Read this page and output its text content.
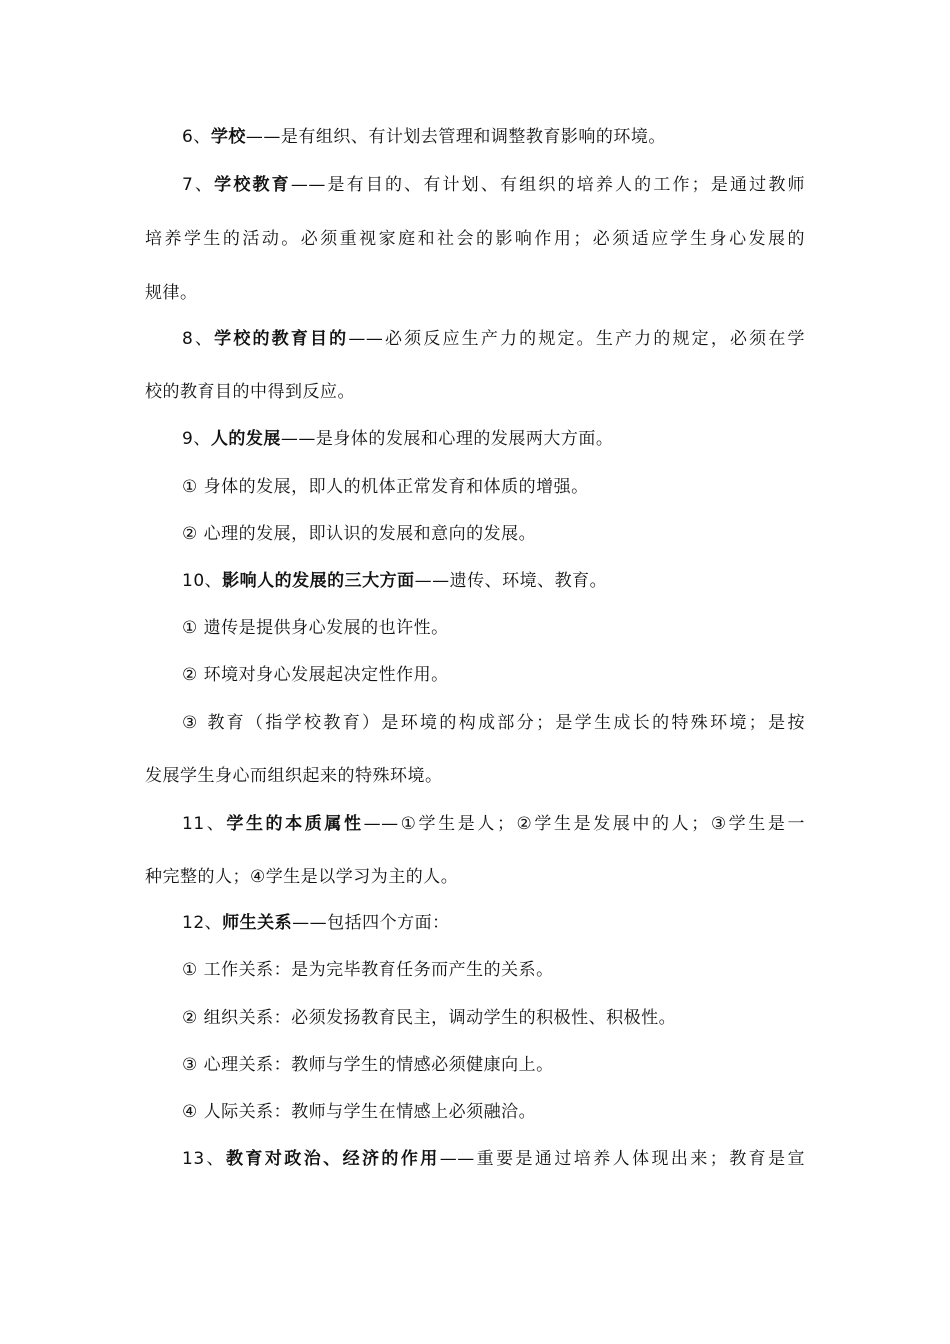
6、学校——是有组织、有计划去管理和调整教育影响的环境。
7、学校教育——是有目的、有计划、有组织的培养人的工作；是通过教师
培养学生的活动。必须重视家庭和社会的影响作用；必须适应学生身心发展的
规律。
8、学校的教育目的——必须反应生产力的规定。生产力的规定，必须在学
校的教育目的中得到反应。
9、人的发展——是身体的发展和心理的发展两大方面。
① 身体的发展，即人的机体正常发育和体质的增强。
② 心理的发展，即认识的发展和意向的发展。
10、影响人的发展的三大方面——遗传、环境、教育。
① 遗传是提供身心发展的也许性。
② 环境对身心发展起决定性作用。
③ 教育（指学校教育）是环境的构成部分；是学生成长的特殊环境；是按
发展学生身心而组织起来的特殊环境。
11、学生的本质属性——①学生是人；②学生是发展中的人；③学生是一
种完整的人；④学生是以学习为主的人。
12、师生关系——包括四个方面：
① 工作关系：是为完毕教育任务而产生的关系。
② 组织关系：必须发扬教育民主，调动学生的积极性、积极性。
③ 心理关系：教师与学生的情感必须健康向上。
④ 人际关系：教师与学生在情感上必须融洽。
13、教育对政治、经济的作用——重要是通过培养人体现出来；教育是宣
